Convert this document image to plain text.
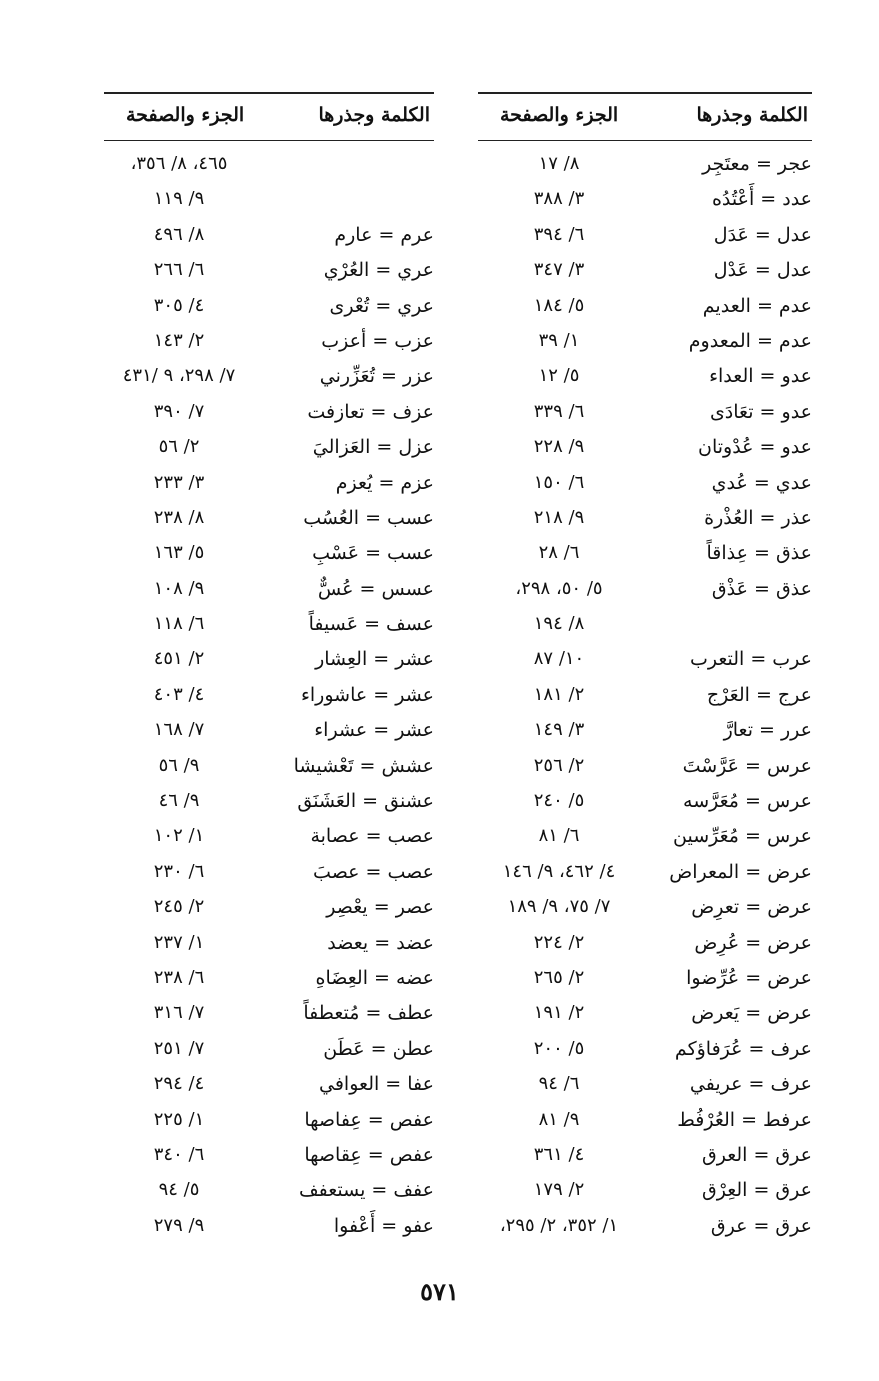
الكلمة وجذرها
الجزء والصفحة
عجر = معتَجِر
٨/ ١٧
عدد = أَعْتُدُه
٣/ ٣٨٨
عدل = عَدَل
٦/ ٣٩٤
عدل = عَدْل
٣/ ٣٤٧
عدم = العديم
٥/ ١٨٤
عدم = المعدوم
١/ ٣٩
عدو = العداء
٥/ ١٢
عدو = تعَادَى
٦/ ٣٣٩
عدو = عُدْوتان
٩/ ٢٢٨
عدي = عُدي
٦/ ١٥٠
عذر = العُذْرة
٩/ ٢١٨
عذق = عِذاقاً
٦/ ٢٨
عذق = عَذْق
٥/ ٥٠، ٢٩٨،
٨/ ١٩٤
عرب = التعرب
١٠/ ٨٧
عرج = العَرْج
٢/ ١٨١
عرر = تعارَّ
٣/ ١٤٩
عرس = عَرَّسْتَ
٢/ ٢٥٦
عرس = مُعَرَّسه
٥/ ٢٤٠
عرس = مُعَرِّسين
٦/ ٨١
عرض = المعراض
٤/ ٤٦٢، ٩/ ١٤٦
عرض = تعرِض
٧/ ٧٥، ٩/ ١٨٩
عرض = عُرِض
٢/ ٢٢٤
عرض = عُرِّضوا
٢/ ٢٦٥
عرض = يَعرض
٢/ ١٩١
عرف = عُرَفاؤكم
٥/ ٢٠٠
عرف = عريفي
٦/ ٩٤
عرفط = العُرْفُط
٩/ ٨١
عرق = العرق
٤/ ٣٦١
عرق = العِرْق
٢/ ١٧٩
عرق = عرق
١/ ٣٥٢، ٢/ ٢٩٥،
الكلمة وجذرها
الجزء والصفحة
٤٦٥، ٨/ ٣٥٦،
٩/ ١١٩
عرم = عارم
٨/ ٤٩٦
عري = العُرْي
٦/ ٢٦٦
عري = تُعْرى
٤/ ٣٠٥
عزب = أعزب
٢/ ١٤٣
عزر = تُعَزِّرني
٧/ ٢٩٨، ٩ /٤٣١
عزف = تعازفت
٧/ ٣٩٠
عزل = العَزاليَ
٢/ ٥٦
عزم = يُعزم
٣/ ٢٣٣
عسب = العُسُب
٨/ ٢٣٨
عسب = عَسْبِ
٥/ ١٦٣
عسس = عُسٌّ
٩/ ١٠٨
عسف = عَسيفاً
٦/ ١١٨
عشر = العِشار
٢/ ٤٥١
عشر = عاشوراء
٤/ ٤٠٣
عشر = عشراء
٧/ ١٦٨
عشش = تَعْشيشا
٩/ ٥٦
عشنق = العَشَنَق
٩/ ٤٦
عصب = عصابة
١/ ١٠٢
عصب = عصبَ
٦/ ٢٣٠
عصر = يعْصِر
٢/ ٢٤٥
عضد = يعضد
١/ ٢٣٧
عضه = العِضَاهِ
٦/ ٢٣٨
عطف = مُتعطفاً
٧/ ٣١٦
عطن = عَطَن
٧/ ٢٥١
عفا = العوافي
٤/ ٢٩٤
عفص = عِفاصها
١/ ٢٢٥
عفص = عِقاصها
٦/ ٣٤٠
عفف = يستعفف
٥/ ٩٤
عفو = أَعْفوا
٩/ ٢٧٩
٥٧١
